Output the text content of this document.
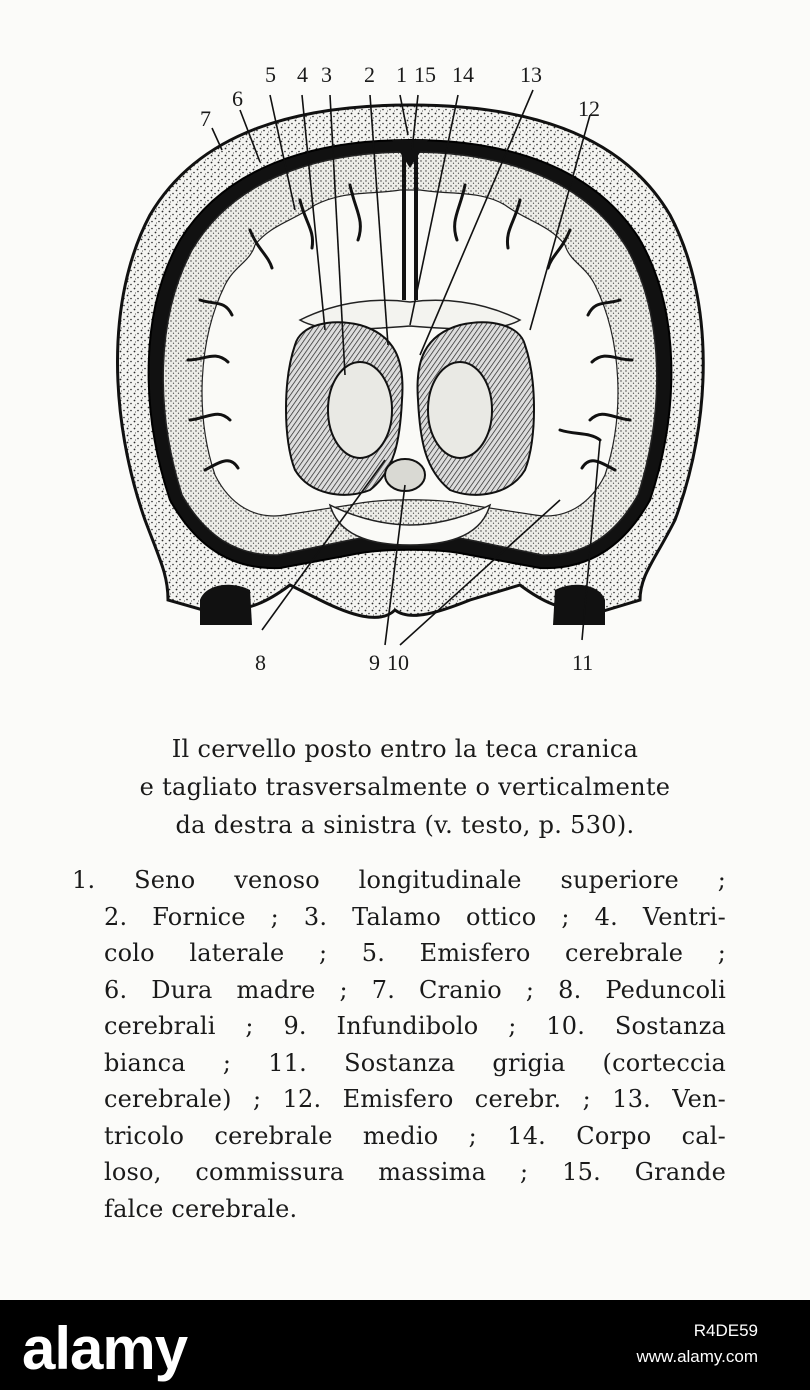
5 4 3 2 1 15 14 13
6	12
7
8	9 10	11
Il cervello posto entro la teca cranica
e tagliato trasversalmente o verticalmente
da destra a sinistra (v. testo, p. 530).
1. Seno venoso longitudinale superiore ;
2. Fornice ; 3. Talamo ottico ; 4. Ventri-
colo laterale ; 5. Emisfero cerebrale ;
6. Dura madre ; 7. Cranio ; 8. Peduncoli
cerebrali ; 9. Infundibolo ; 10. Sostanza
bianca ; 11. Sostanza grigia (corteccia
cerebrale) ; 12. Emisfero cerebr. ; 13. Ven-
tricolo cerebrale medio ; 14. Corpo cal-
loso, commissura massima ; 15. Grande
falce cerebrale.
alamy	R4DE59
www.alamy.com
